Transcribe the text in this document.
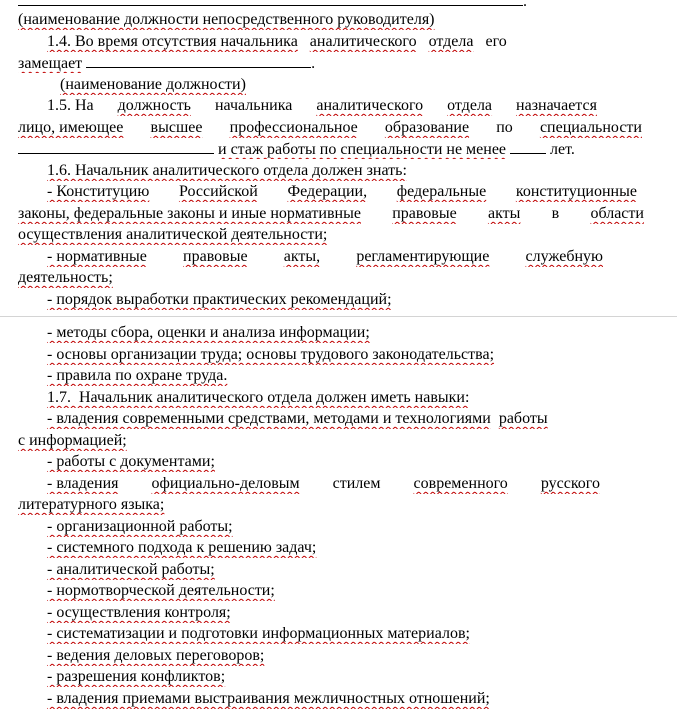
.
(наименование должности непосредственного руководителя)
1.4. Во время отсутствия начальника аналитического отдела его
замещает	.
(наименование должности)
1.5. На должность начальника аналитического отдела назначается
лицо, имеющее высшее профессиональное образование по специальности
и стаж работы по специальности не менее	лет.
1.6. Начальник аналитического отдела должен знать:
- Конституцию Российской Федерации, федеральные конституционные
законы, федеральные законы и иные нормативные правовые акты в области
осуществления аналитической деятельности;
- нормативные правовые акты, регламентирующие служебную
деятельность;
- порядок выработки практических рекомендаций;
- методы сбора, оценки и анализа информации;
- основы организации труда; основы трудового законодательства;
- правила по охране труда.
1.7.  Начальник аналитического отдела должен иметь навыки:
- владения современными средствами, методами и технологиями работы
с информацией;
- работы с документами;
- владения официально-деловым стилем современного русского
литературного языка;
- организационной работы;
- системного подхода к решению задач;
- аналитической работы;
- нормотворческой деятельности;
- осуществления контроля;
- систематизации и подготовки информационных материалов;
- ведения деловых переговоров;
- разрешения конфликтов;
- владения приемами выстраивания межличностных отношений;
